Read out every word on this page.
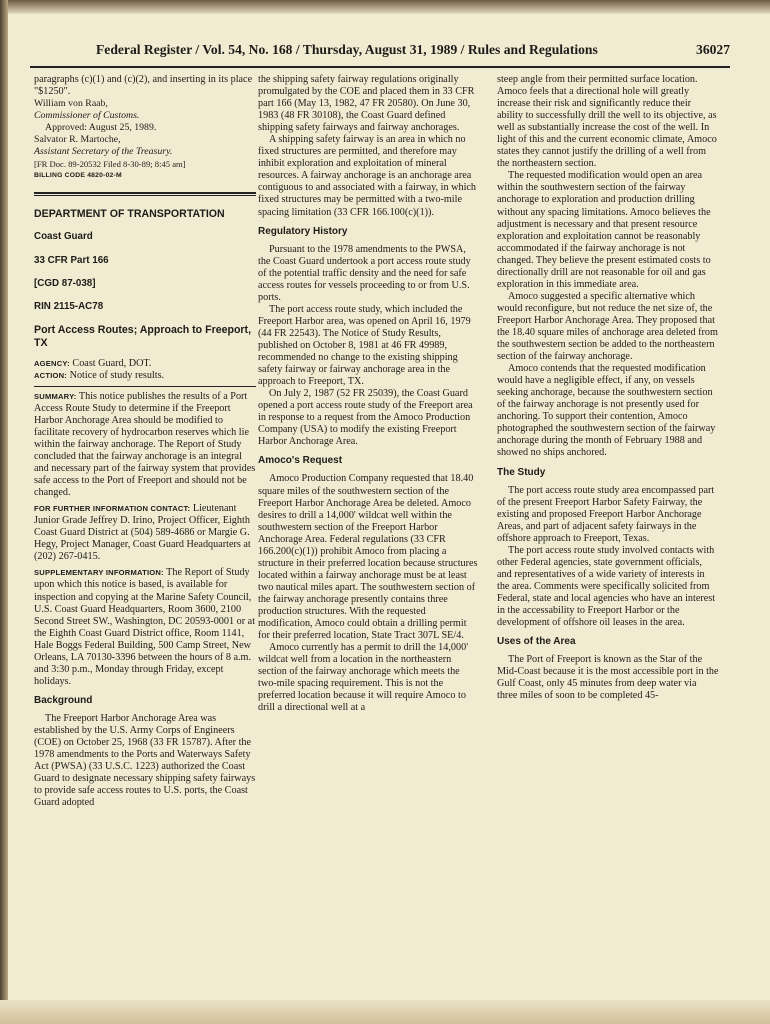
Federal Register / Vol. 54, No. 168 / Thursday, August 31, 1989 / Rules and Regulations	36027

paragraphs (c)(1) and (c)(2), and inserting in its place "$1250".

William von Raab,

Commissioner of Customs.

Approved: August 25, 1989.

Salvator R. Martoche,

Assistant Secretary of the Treasury.

[FR Doc. 89-20532 Filed 8-30-89; 8:45 am]

BILLING CODE 4820-02-M

DEPARTMENT OF TRANSPORTATION

Coast Guard

33 CFR Part 166

[CGD 87-038]

RIN 2115-AC78

Port Access Routes; Approach to Freeport, TX

AGENCY: Coast Guard, DOT.

ACTION: Notice of study results.

SUMMARY: This notice publishes the results of a Port Access Route Study to determine if the Freeport Harbor Anchorage Area should be modified to facilitate recovery of hydrocarbon reserves which lie within the fairway anchorage. The Report of Study concluded that the fairway anchorage is an integral and necessary part of the fairway system that provides safe access to the Port of Freeport and should not be changed.

FOR FURTHER INFORMATION CONTACT: Lieutenant Junior Grade Jeffrey D. Irino, Project Officer, Eighth Coast Guard District at (504) 589-4686 or Margie G. Hegy, Project Manager, Coast Guard Headquarters at (202) 267-0415.

SUPPLEMENTARY INFORMATION: The Report of Study upon which this notice is based, is available for inspection and copying at the Marine Safety Council, U.S. Coast Guard Headquarters, Room 3600, 2100 Second Street SW., Washington, DC 20593-0001 or at the Eighth Coast Guard District office, Room 1141, Hale Boggs Federal Building, 500 Camp Street, New Orleans, LA 70130-3396 between the hours of 8 a.m. and 3:30 p.m., Monday through Friday, except holidays.

Background

The Freeport Harbor Anchorage Area was established by the U.S. Army Corps of Engineers (COE) on October 25, 1968 (33 FR 15787). After the 1978 amendments to the Ports and Waterways Safety Act (PWSA) (33 U.S.C. 1223) authorized the Coast Guard to designate necessary shipping safety fairways to provide safe access routes to U.S. ports, the Coast Guard adopted

the shipping safety fairway regulations originally promulgated by the COE and placed them in 33 CFR part 166 (May 13, 1982, 47 FR 20580). On June 30, 1983 (48 FR 30108), the Coast Guard defined shipping safety fairways and fairway anchorages.

A shipping safety fairway is an area in which no fixed structures are permitted, and therefore may inhibit exploration and exploitation of mineral resources. A fairway anchorage is an anchorage area contiguous to and associated with a fairway, in which fixed structures may be permitted with a two-mile spacing limitation (33 CFR 166.100(c)(1)).

Regulatory History

Pursuant to the 1978 amendments to the PWSA, the Coast Guard undertook a port access route study of the potential traffic density and the need for safe access routes for vessels proceeding to or from U.S. ports.

The port access route study, which included the Freeport Harbor area, was opened on April 16, 1979 (44 FR 22543). The Notice of Study Results, published on October 8, 1981 at 46 FR 49989, recommended no change to the existing shipping safety fairway or fairway anchorage area in the approach to Freeport, TX.

On July 2, 1987 (52 FR 25039), the Coast Guard opened a port access route study of the Freeport area in response to a request from the Amoco Production Company (USA) to modify the existing Freeport Harbor Anchorage Area.

Amoco's Request

Amoco Production Company requested that 18.40 square miles of the southwestern section of the Freeport Harbor Anchorage Area be deleted. Amoco desires to drill a 14,000' wildcat well within the southwestern section of the Freeport Harbor Anchorage Area. Federal regulations (33 CFR 166.200(c)(1)) prohibit Amoco from placing a structure in their preferred location because structures located within a fairway anchorage must be at least two nautical miles apart. The southwestern section of the fairway anchorage presently contains three production structures. With the requested modification, Amoco could obtain a drilling permit for their preferred location, State Tract 307L SE/4.

Amoco currently has a permit to drill the 14,000' wildcat well from a location in the northeastern section of the fairway anchorage which meets the two-mile spacing requirement. This is not the preferred location because it will require Amoco to drill a directional well at a

steep angle from their permitted surface location. Amoco feels that a directional hole will greatly increase their risk and significantly reduce their ability to successfully drill the well to its objective, as well as substantially increase the cost of the well. In light of this and the current economic climate, Amoco states they cannot justify the drilling of a well from the northeastern section.

The requested modification would open an area within the southwestern section of the fairway anchorage to exploration and production drilling without any spacing limitations. Amoco believes the adjustment is necessary and that present resource exploration and exploitation cannot be reasonably accommodated if the fairway anchorage is not changed. They believe the present estimated costs to directionally drill are not reasonable for oil and gas exploration in this immediate area.

Amoco suggested a specific alternative which would reconfigure, but not reduce the net size of, the Freeport Harbor Anchorage Area. They proposed that the 18.40 square miles of anchorage area deleted from the southwestern section be added to the northeastern section of the fairway anchorage.

Amoco contends that the requested modification would have a negligible effect, if any, on vessels seeking anchorage, because the southwestern section of the fairway anchorage is not presently used for anchoring. To support their contention, Amoco photographed the southwestern section of the fairway anchorage during the month of February 1988 and showed no ships anchored.

The Study

The port access route study area encompassed part of the present Freeport Harbor Safety Fairway, the existing and proposed Freeport Harbor Anchorage Areas, and part of adjacent safety fairways in the offshore approach to Freeport, Texas.

The port access route study involved contacts with other Federal agencies, state government officials, and representatives of a wide variety of interests in the area. Comments were specifically solicited from Federal, state and local agencies who have an interest in the accessability to Freeport Harbor or the development of offshore oil leases in the area.

Uses of the Area

The Port of Freeport is known as the Star of the Mid-Coast because it is the most accessible port in the Gulf Coast, only 45 minutes from deep water via three miles of soon to be completed 45-
